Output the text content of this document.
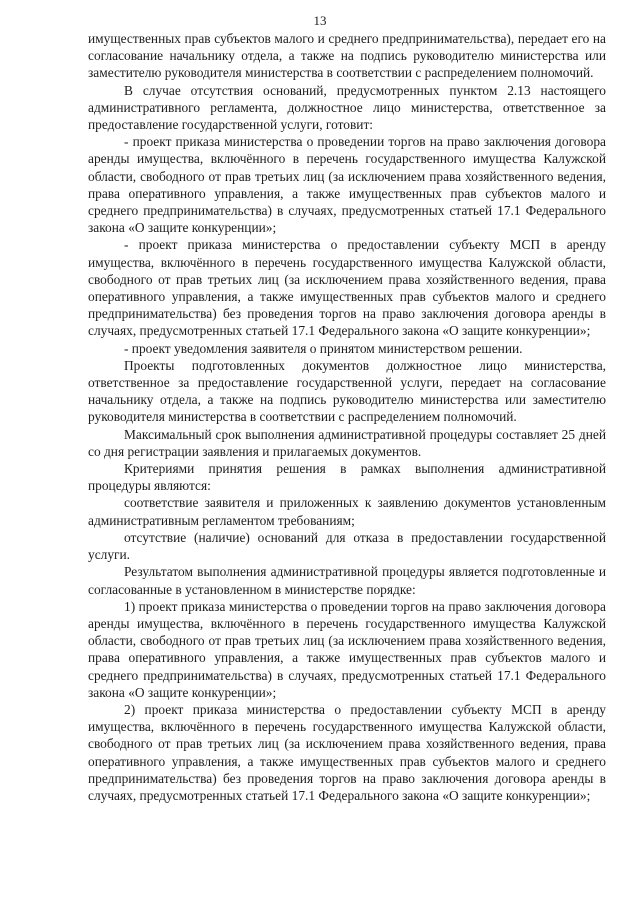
13

имущественных прав субъектов малого и среднего предпринимательства), передает его на согласование начальнику отдела, а также на подпись руководителю министерства или заместителю руководителя министерства в соответствии с распределением полномочий.

В случае отсутствия оснований, предусмотренных пунктом 2.13 настоящего административного регламента, должностное лицо министерства, ответственное за предоставление государственной услуги, готовит:

- проект приказа министерства о проведении торгов на право заключения договора аренды имущества, включённого в перечень государственного имущества Калужской области, свободного от прав третьих лиц (за исключением права хозяйственного ведения, права оперативного управления, а также имущественных прав субъектов малого и среднего предпринимательства) в случаях, предусмотренных статьей 17.1 Федерального закона «О защите конкуренции»;

- проект приказа министерства о предоставлении субъекту МСП в аренду имущества, включённого в перечень государственного имущества Калужской области, свободного от прав третьих лиц (за исключением права хозяйственного ведения, права оперативного управления, а также имущественных прав субъектов малого и среднего предпринимательства) без проведения торгов на право заключения договора аренды в случаях, предусмотренных статьей 17.1 Федерального закона «О защите конкуренции»;

- проект уведомления заявителя о принятом министерством решении.

Проекты подготовленных документов должностное лицо министерства, ответственное за предоставление государственной услуги, передает на согласование начальнику отдела, а также на подпись руководителю министерства или заместителю руководителя министерства в соответствии с распределением полномочий.

Максимальный срок выполнения административной процедуры составляет 25 дней со дня регистрации заявления и прилагаемых документов.

Критериями принятия решения в рамках выполнения административной процедуры являются:

соответствие заявителя и приложенных к заявлению документов установленным административным регламентом требованиям;

отсутствие (наличие) оснований для отказа в предоставлении государственной услуги.

Результатом выполнения административной процедуры является подготовленные и согласованные в установленном в министерстве порядке:

1) проект приказа министерства о проведении торгов на право заключения договора аренды имущества, включённого в перечень государственного имущества Калужской области, свободного от прав третьих лиц (за исключением права хозяйственного ведения, права оперативного управления, а также имущественных прав субъектов малого и среднего предпринимательства) в случаях, предусмотренных статьей 17.1 Федерального закона «О защите конкуренции»;

2) проект приказа министерства о предоставлении субъекту МСП в аренду имущества, включённого в перечень государственного имущества Калужской области, свободного от прав третьих лиц (за исключением права хозяйственного ведения, права оперативного управления, а также имущественных прав субъектов малого и среднего предпринимательства) без проведения торгов на право заключения договора аренды в случаях, предусмотренных статьей 17.1 Федерального закона «О защите конкуренции»;
